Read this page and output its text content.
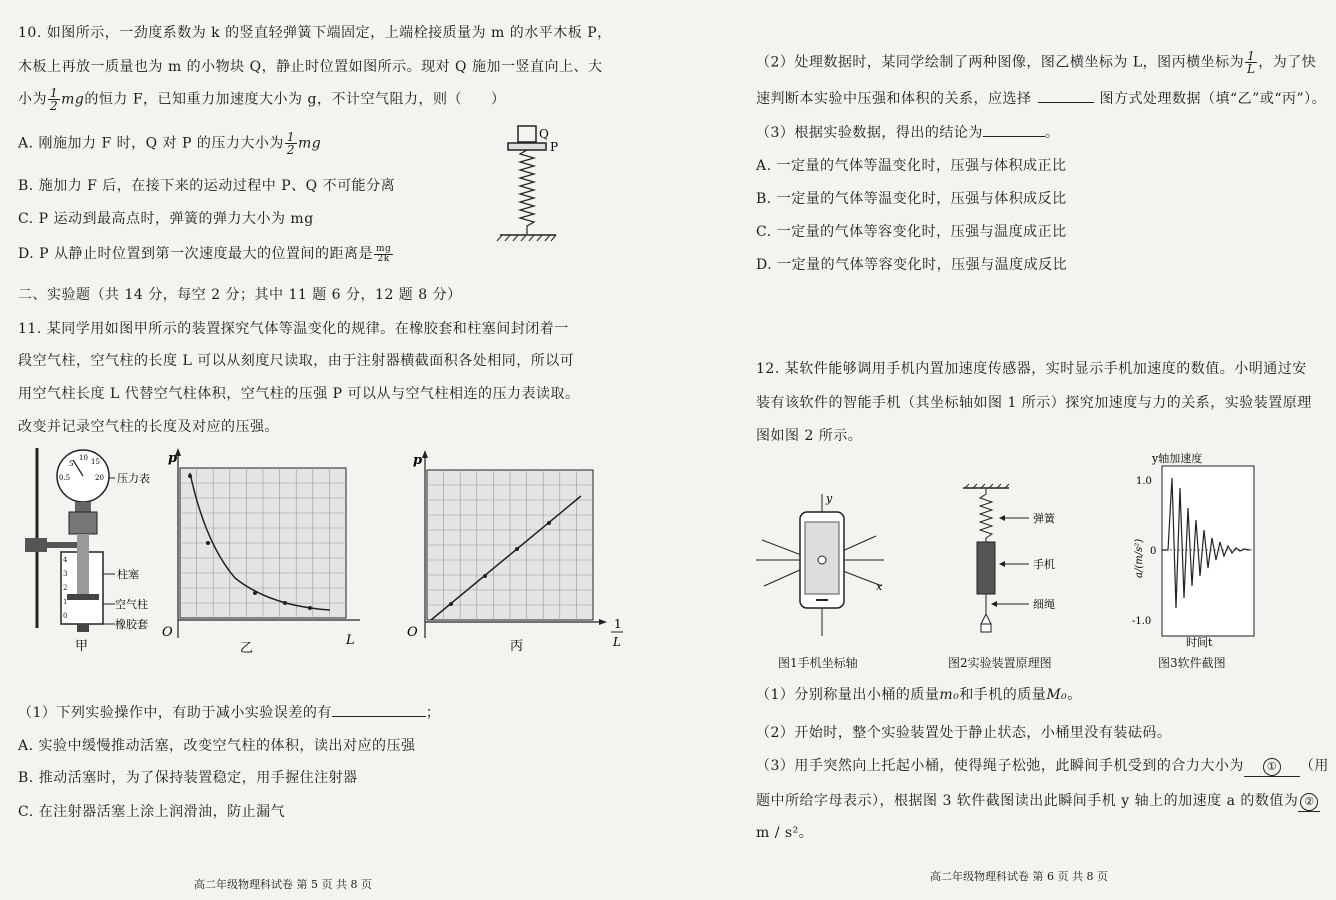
10. 如图所示，一劲度系数为 k 的竖直轻弹簧下端固定，上端栓接质量为 m 的水平木板 P，
木板上再放一质量也为 m 的小物块 Q，静止时位置如图所示。现对 Q 施加一竖直向上、大
小为 $\frac{1}{2}$ mg的恒力 F，已知重力加速度大小为 g，不计空气阻力，则（　　）
A. 刚施加力 F 时，Q 对 P 的压力大小为 $\frac{1}{2}$ mg
B. 施加力 F 后，在接下来的运动过程中 P、Q 不可能分离
C. P 运动到最高点时，弹簧的弹力大小为 mg
D. P 从静止时位置到第一次速度最大的位置间的距离是 $\frac{mg}{2k}$
Q
P
二、实验题（共 14 分，每空 2 分；其中 11 题 6 分，12 题 8 分）
11. 某同学用如图甲所示的装置探究气体等温变化的规律。在橡胶套和柱塞间封闭着一
段空气柱，空气柱的长度 L 可以从刻度尺读取，由于注射器横截面积各处相同，所以可
用空气柱长度 L 代替空气柱体积，空气柱的压强 P 可以从与空气柱相连的压力表读取。
改变并记录空气柱的长度及对应的压强。
0.5
5
10 15
20
4
3
2
1
0
压力表
柱塞
空气柱
橡胶套
甲
p
O
L
乙
p
O
1
L
丙
（1）下列实验操作中，有助于减小实验误差的有	；
A. 实验中缓慢推动活塞，改变空气柱的体积，读出对应的压强
B. 推动活塞时，为了保持装置稳定，用手握住注射器
C. 在注射器活塞上涂上润滑油，防止漏气
高二年级物理科试卷 第 5 页 共 8 页
（2）处理数据时，某同学绘制了两种图像，图乙横坐标为 L，图丙横坐标为 $\frac{1}{L}$ ，为了快
速判断本实验中压强和体积的关系，应选择	图方式处理数据（填“乙”或“丙”）。
（3）根据实验数据，得出的结论为	。
A. 一定量的气体等温变化时，压强与体积成正比
B. 一定量的气体等温变化时，压强与体积成反比
C. 一定量的气体等容变化时，压强与温度成正比
D. 一定量的气体等容变化时，压强与温度成反比
12. 某软件能够调用手机内置加速度传感器，实时显示手机加速度的数值。小明通过安
装有该软件的智能手机（其坐标轴如图 1 所示）探究加速度与力的关系，实验装置原理
图如图 2 所示。
y
x
弹簧
手机
细绳
y轴加速度
1.0
0
-1.0
a/(m/s²)
时间t
图1手机坐标轴	图2实验装置原理图	图3软件截图
（1）分别称量出小桶的质量m₀和手机的质量M₀。
（2）开始时，整个实验装置处于静止状态，小桶里没有装砝码。
（3）用手突然向上托起小桶，使得绳子松弛，此瞬间手机受到的合力大小为 ① （用
题中所给字母表示），根据图 3 软件截图读出此瞬间手机 y 轴上的加速度 a 的数值为 ②
m / s²。
高二年级物理科试卷 第 6 页 共 8 页
